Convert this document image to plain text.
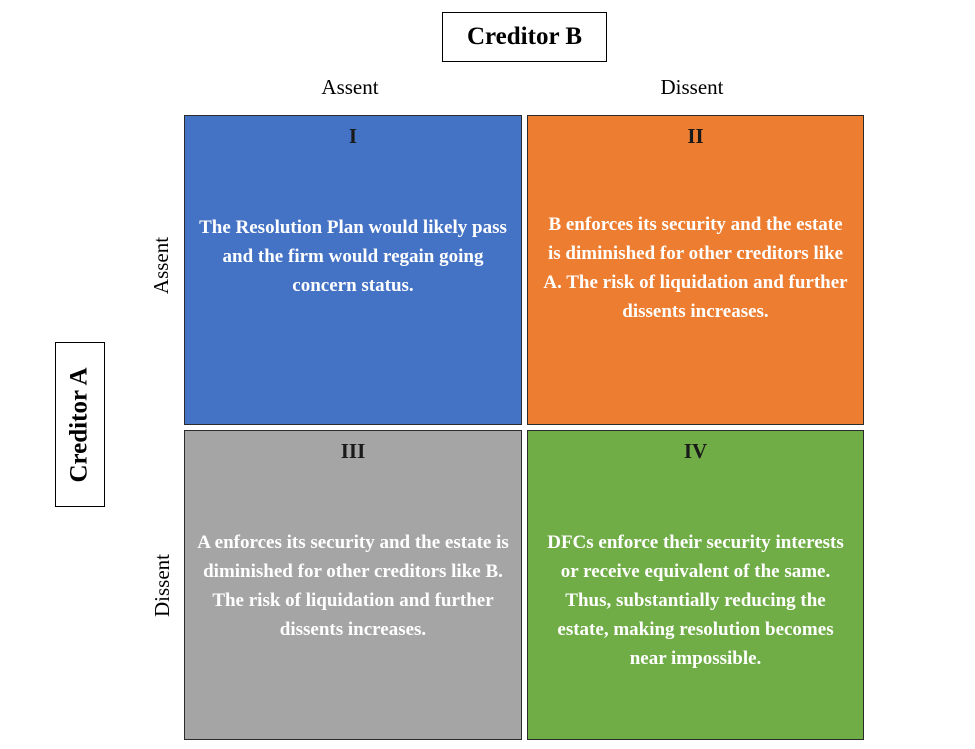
Creditor B
Creditor A
Assent	Dissent
Assent
Dissent
I
The Resolution Plan would likely pass and the firm would regain going concern status.
II
B enforces its security and the estate is diminished for other creditors like A. The risk of liquidation and further dissents increases.
III
A enforces its security and the estate is diminished for other creditors like B. The risk of liquidation and further dissents increases.
IV
DFCs enforce their security interests or receive equivalent of the same. Thus, substantially reducing the estate, making resolution becomes near impossible.
